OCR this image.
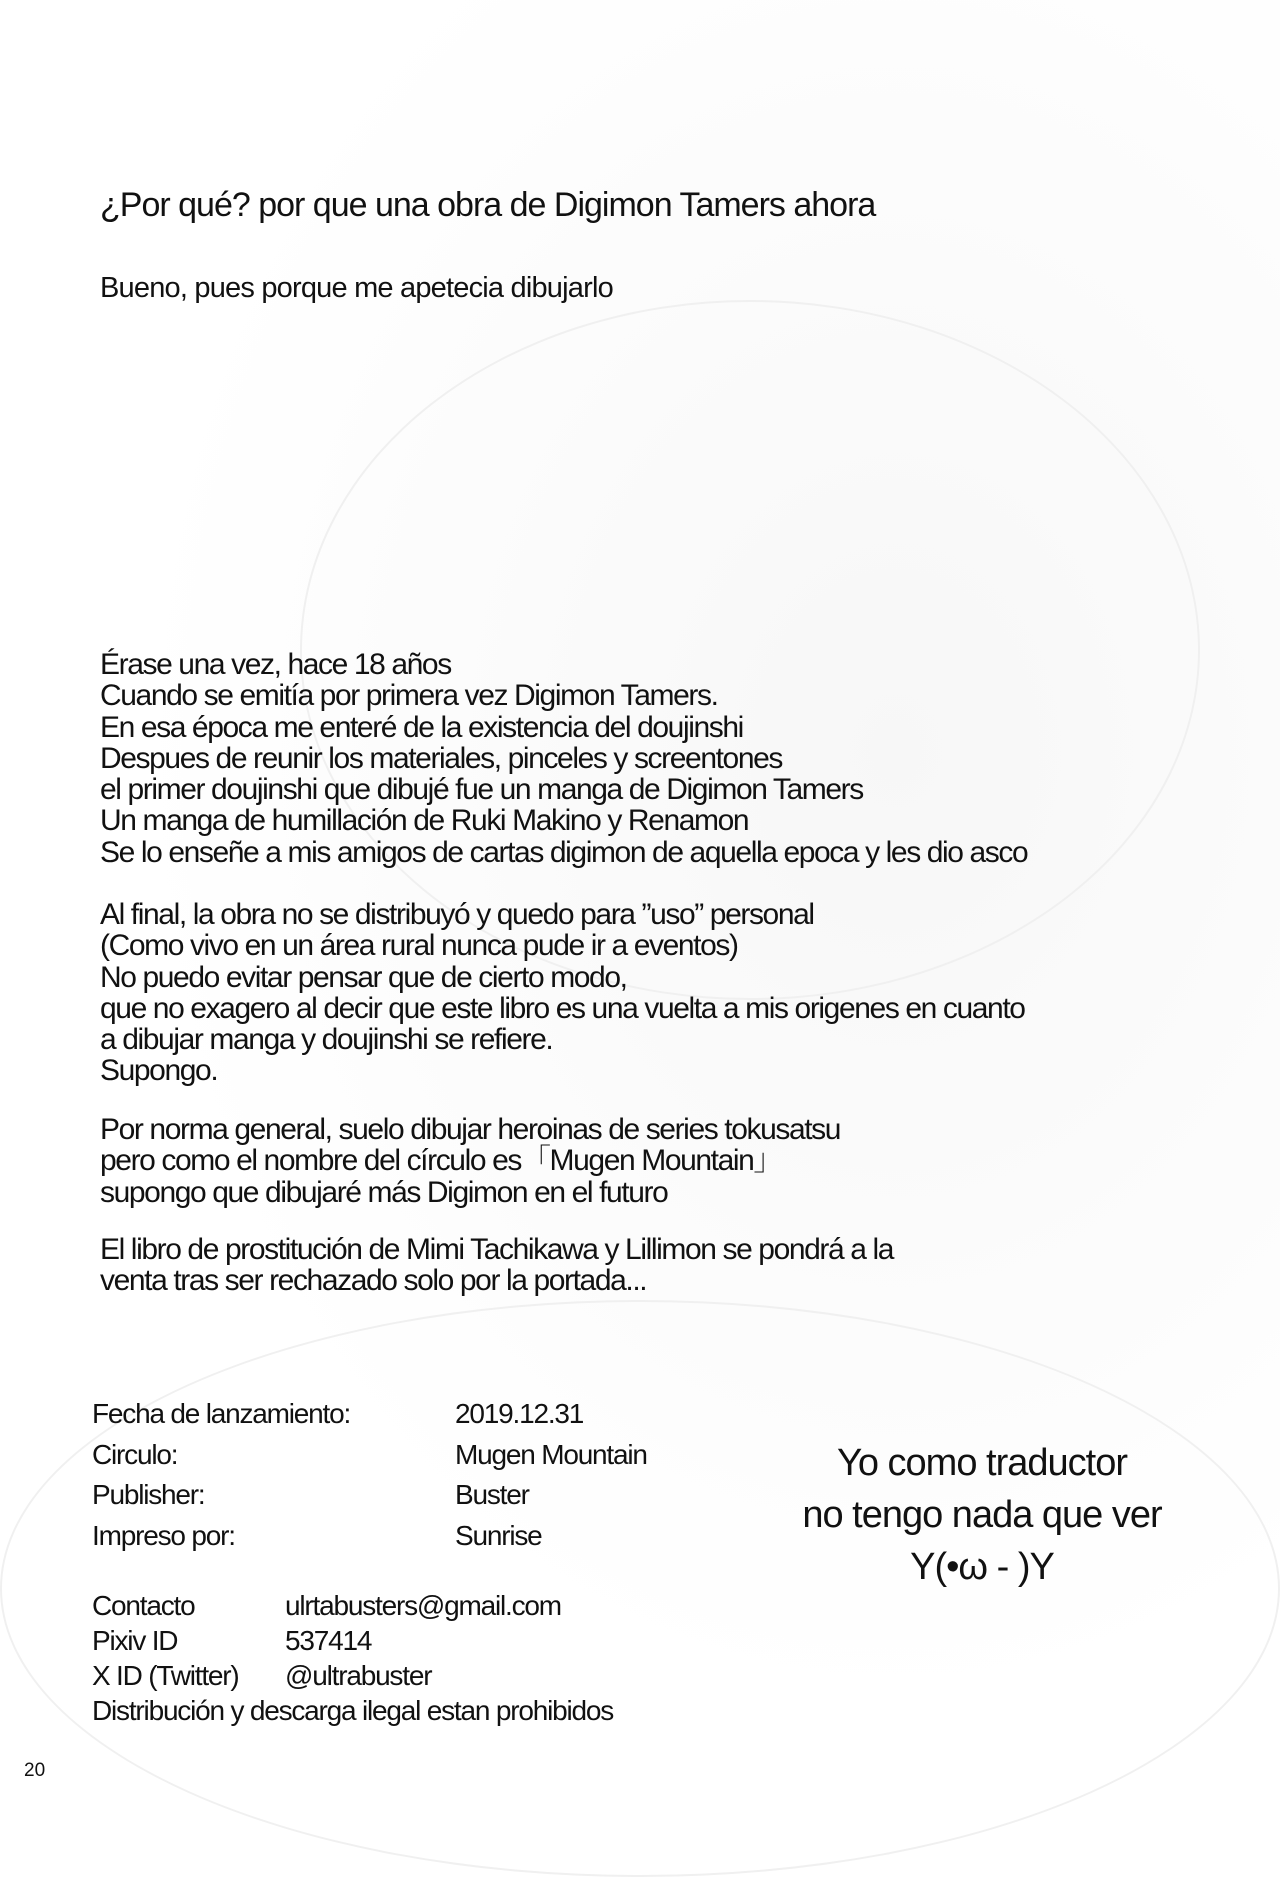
¿Por qué? por que una obra de Digimon Tamers ahora
Bueno, pues porque me apetecia dibujarlo
Érase una vez, hace 18 años
Cuando se emitía por primera vez Digimon Tamers.
En esa época me enteré de la existencia del doujinshi
Despues de reunir los materiales, pinceles y screentones
el primer doujinshi que dibujé fue un manga de Digimon Tamers
Un manga de humillación de Ruki Makino y Renamon
Se lo enseñe a mis amigos de cartas digimon de aquella epoca y les dio asco
Al final, la obra no se distribuyó y quedo para ”uso” personal
(Como vivo en un área rural nunca pude ir a eventos)
No puedo evitar pensar que de cierto modo,
que no exagero al decir que este libro es una vuelta a mis origenes en cuanto
a dibujar manga y doujinshi se refiere.
Supongo.
Por norma general, suelo dibujar heroinas de series tokusatsu
pero como el nombre del círculo es「Mugen Mountain」
supongo que dibujaré más Digimon en el futuro
El libro de prostitución de Mimi Tachikawa y Lillimon se pondrá a la
venta tras ser rechazado solo por la portada...
Fecha de lanzamiento:	2019.12.31
Circulo:	Mugen Mountain
Publisher:	Buster
Impreso por:	Sunrise
Contacto	ulrtabusters@gmail.com
Pixiv ID	537414
X ID (Twitter) @ultrabuster
Distribución y descarga ilegal estan prohibidos
Yo como traductor
no tengo nada que ver
Y(•ω - )Y
20
